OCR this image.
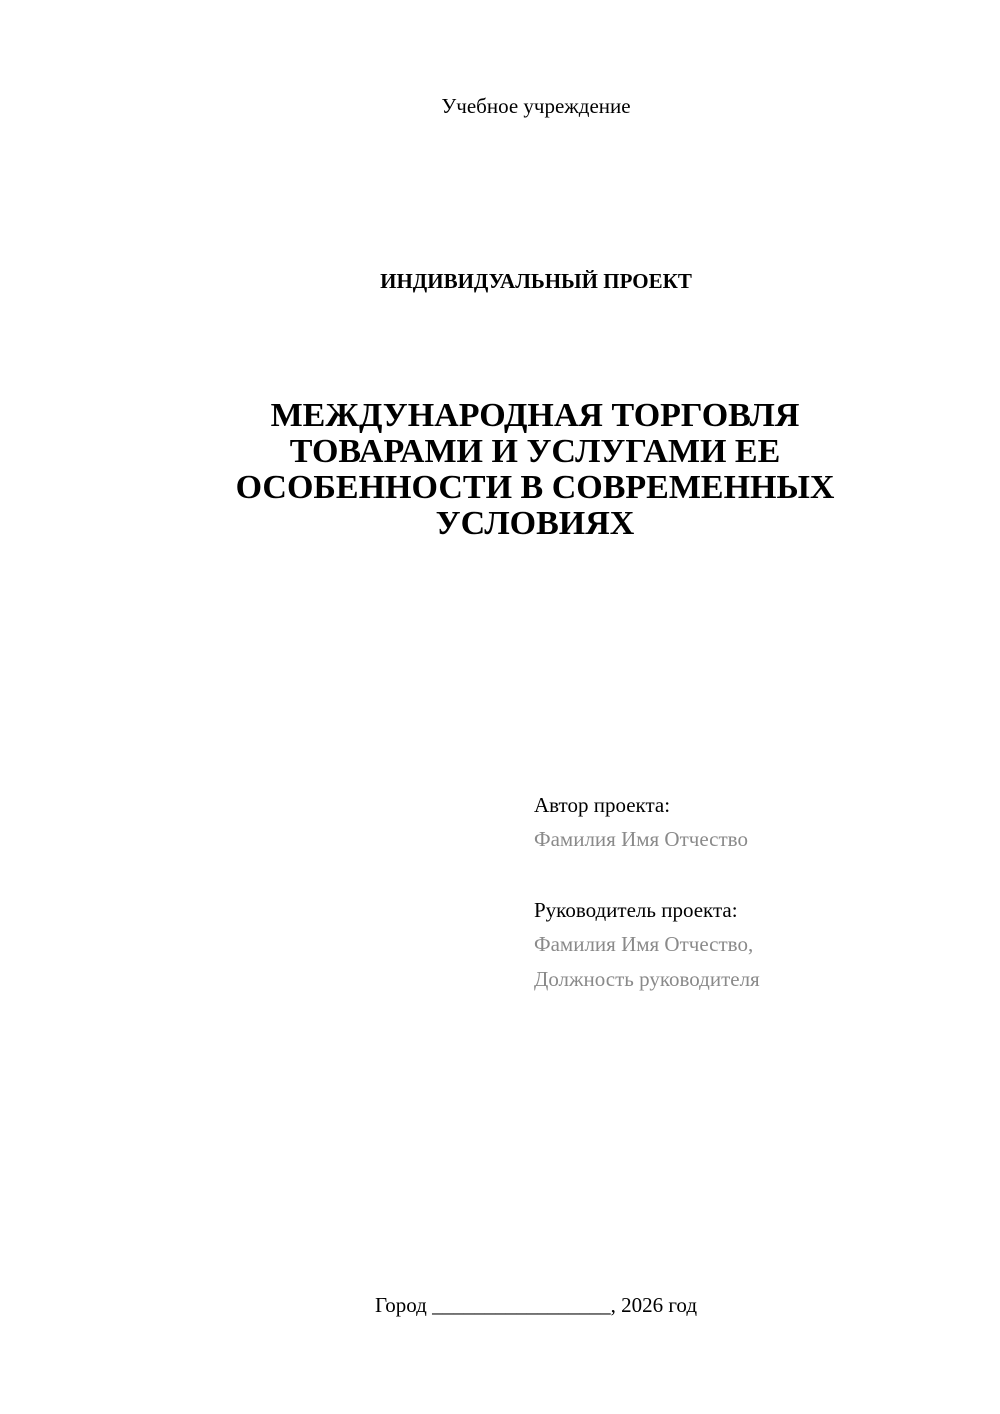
Учебное учреждение

ИНДИВИДУАЛЬНЫЙ ПРОЕКТ

МЕЖДУНАРОДНАЯ ТОРГОВЛЯ
ТОВАРАМИ И УСЛУГАМИ ЕЕ
ОСОБЕННОСТИ В СОВРЕМЕННЫХ
УСЛОВИЯХ

Автор проекта:

Фамилия Имя Отчество

Руководитель проекта:

Фамилия Имя Отчество,

Должность руководителя

Город _________________, 2026 год
